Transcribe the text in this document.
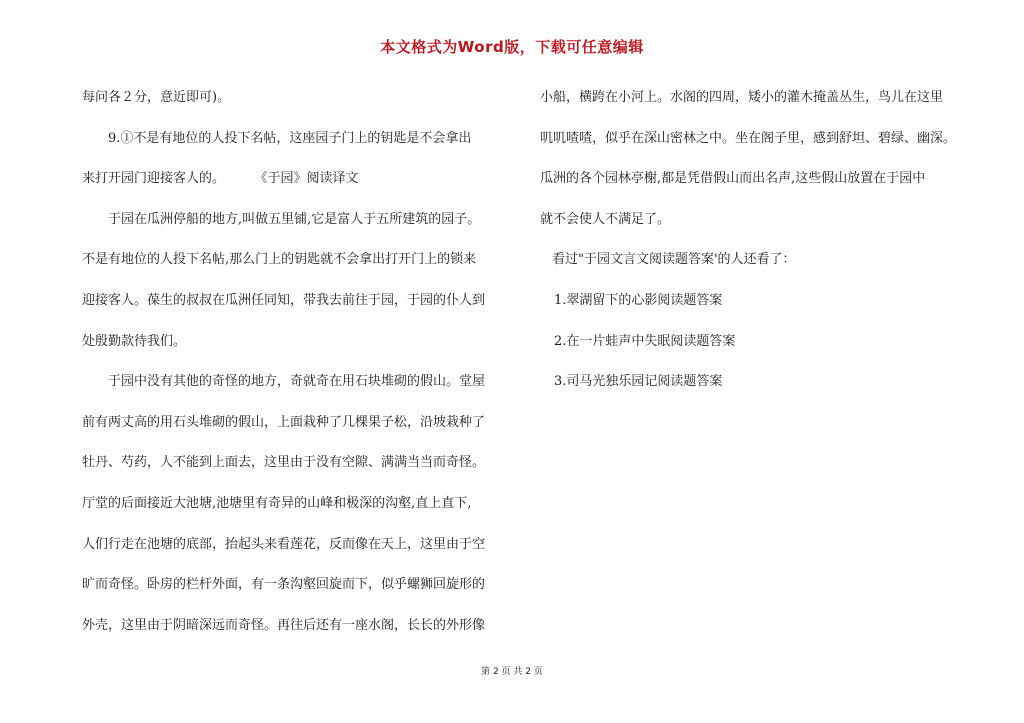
本文格式为Word版，下载可任意编辑
每问各２分，意近即可)。
9.①不是有地位的人投下名帖，这座园子门上的钥匙是不会拿出
来打开园门迎接客人的。	《于园》阅读译文
于园在瓜洲停船的地方,叫做五里铺,它是富人于五所建筑的园子。
不是有地位的人投下名帖,那么门上的钥匙就不会拿出打开门上的锁来
迎接客人。葆生的叔叔在瓜洲任同知，带我去前往于园，于园的仆人到
处殷勤款待我们。
于园中没有其他的奇怪的地方，奇就奇在用石块堆砌的假山。堂屋
前有两丈高的用石头堆砌的假山，上面栽种了几棵果子松，沿坡栽种了
牡丹、芍药，人不能到上面去，这里由于没有空隙、满满当当而奇怪。
厅堂的后面接近大池塘,池塘里有奇异的山峰和极深的沟壑,直上直下,
人们行走在池塘的底部，抬起头来看莲花，反而像在天上，这里由于空
旷而奇怪。卧房的栏杆外面，有一条沟壑回旋而下，似乎螺狮回旋形的
外壳，这里由于阴暗深远而奇怪。再往后还有一座水阁，长长的外形像
小船，横跨在小河上。水阁的四周，矮小的灌木掩盖丛生，鸟儿在这里
叽叽喳喳，似乎在深山密林之中。坐在阁子里，感到舒坦、碧绿、幽深。
瓜洲的各个园林亭榭,都是凭借假山而出名声,这些假山放置在于园中
就不会使人不满足了。
看过"于园文言文阅读题答案'的人还看了：
1.翠湖留下的心影阅读题答案
2.在一片蛙声中失眠阅读题答案
3.司马光独乐园记阅读题答案
第 2 页 共 2 页
